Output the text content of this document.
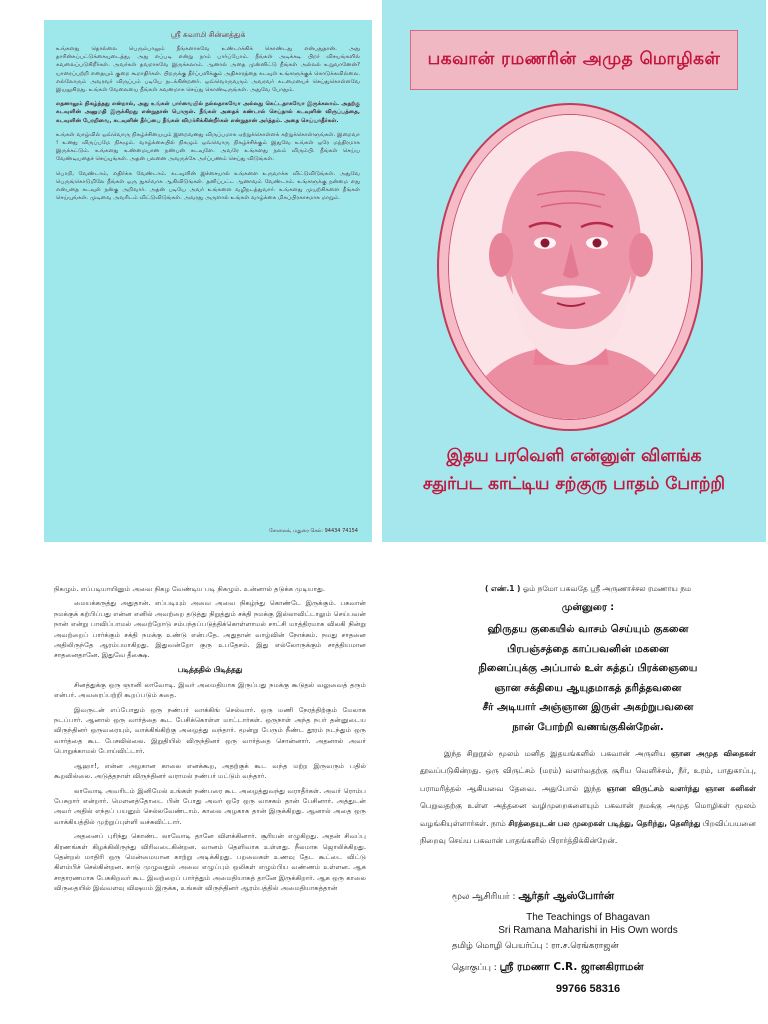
ஸ்ரீ சுவாமி சின்னத்துக்

உங்களது தொல்லை பெரும்பாலும் நீங்களாகவே உண்டாக்கிக் கொண்டது என்பதுதான். அது தாரின்கப்பட்டுக்கையுடைத்து, அது எப்படி என்று நாம் பார்ப்போம். நீங்கள் அடிக்கடி பிறர் விசயங்களில் கவலைப்படுகிறீர்கள். அவர்கள் தவறாகவே இருக்கலாம். ஆனால் அதை முன்னிட்டு நீங்கள் அல்லல் உறுவானேன்? யாரைப்பற்றி எதையும் குறை கூறாதிர்கள். பிறருக்கு தீர்ப்பளிக்கும் அதிகாரத்தை கடவுள் உங்களுக்குக் கொடுக்கவில்லை. எல்லோரும் அவரவர் விருப்பம் படியே நடக்கின்றனர். ஒவ்வொருவரும் அவரவர் கடமையைச் செய்துகொள்ளவே இயலுகிறது. உங்கள் வேலையை நீங்கள் கவனமாக செய்து கொண்டிருங்கள். அதுவே போதும்.

எதனாலும் நிகழ்ந்தது என்றால், அது உங்கள் பார்வையில் நல்லதாகவோ அல்லது கெட்டதாகவோ இருக்கலாம். அதற்கு கடவுளின் அனுமதி இருக்கிறது என்றுதான் பொருள். நீங்கள் அதைக் கண்டால் செய்தால் கடவுளின் விருப்பத்தை, கடவுளின் பேரறிவை, கடவுளின் தீர்ப்பை நீங்கள் விமர்சிக்கின்றீர்கள் என்றுதான் அர்த்தம். அதை செய்யாதீர்கள்.

உங்கள் வாழ்வில் ஒவ்வொரு நிகழ்ச்சியையும் இறைவனது விருப்பமாக ஏற்றுக்கொள்ளக் கற்றுக்கொள்ளுங்கள். இறைவா ! உனது விருப்பமே நிகழும். வாழ்க்கையில் நிகழும் ஒவ்வொரு நிகழ்ச்சிக்கும் இதுவே உங்கள் ஒரே மந்திரமாக இருக்கட்டும். உங்களது உண்மையான நண்பன் கடவுளே. அவரே உங்களது நலம் விரும்பி. நீங்கள் செய்ய வேண்டியதைச் செய்யுங்கள். அதன் பலனை அவருக்கே அர்ப்பணம் செய்து விடுங்கள்.

பொறி, வேண்டாம், எதிர்க்க வேண்டாம். கடவுளின் இச்சையால் உங்களை உருவாக்க விட்டுவிடுங்கள். அதுவே பெருங்கொடுமிலே நீங்கள் ஒரு நுகர்வாக ஆகிவிடுங்கள். தனிப்பட்ட ஆனாவம் வேண்டாம். உங்களுக்கு நன்மை எது என்பதை கடவுள் நன்கு அறிவார். அதன் படியே அவர் உங்களை வழிநடத்துவார். உங்களது முயற்சிகளை நீங்கள் செய்யுங்கள். முடிவை அவரிடம் விட்டுவிடுங்கள். அவரது அருளால் உங்கள் வாழ்க்கை மிகப்பிரகாசமாக மாறும்.

சோலைக், மதுரை செல்: 94434 74154
பகவான் ரமணரின் அமுத மொழிகள்
இதய பரவெளி என்னுள் விளங்க
சதுர்பட காட்டிய சற்குரு பாதம் போற்றி

நிகழும். எப்படியாயினும் அவை நிகழ வேண்டிய படி நிகழும். உன்னால் தடுக்க முடியாது.

மையக்கருத்து அதுதான். எப்படியும் அவை அவை நிகழ்ந்து கொண்டே இருக்கும். பகவான் நமக்குக் கற்பிப்பது என்ன எனில் அவற்றை தடுத்து நிறுத்தும் சக்தி நமக்கு இல்லாவிட்டாலும் செய்பவன் நான் என்று பாவிப்பாமல் அவற்றோடு சம்பந்தப்படுத்திக்கொள்ளாமல் சாட்சி மாத்திரமாக விலகி நின்று அவற்றைப் பார்க்கும் சக்தி நமக்கு உண்டு என்பதே. அதுதான் வாழ்வின் நோக்கம். நமது சாதனை அதிலிருந்தே ஆரம்பமாகிறது. இதுவன்றோ குரு உபதேசம். இது எல்லோருக்கும் சாத்தியமான சாதனைதானே. இதுவே தீக்ஷை.

படித்ததில் பிடித்தது

சினத்துக்கு ஒரு ஞானி லாவோடி. இவர் அமைதியாக இருப்பது நமக்கு கூடுதல் வலுவைத் தரும் என்பர். அவரைப்பற்றி கூறப்படும் கதை.

இவருடன் எப்போதும் ஒரு நண்பர் வாக்கிங் செல்வார். ஒரு மணி நேரத்திற்கும் மேலாக நடப்பார். ஆனால் ஒரு வார்த்தை கூட பேசிக்கொள்ள மாட்டார்கள். ஒருநாள் அந்த நபர் தன்னுடைய விருந்தினர் ஒருவரையும், வாக்கிங்கிற்கு அழைத்து வந்தார். மூன்று பேரும் நீண்ட தூரம் நடந்தும் ஒரு வார்த்தை கூட பேசவில்லை. இறுதியில் விருந்தினர் ஒரு வார்த்தை சொன்னார். அதனால் அவர் பொறுக்காமல் போய்விட்டார்.

ஆஹா!, என்ன அழகான காலை எனக்கூற, அதற்குக் கூட வந்த மற்ற இருவரும் பதில் கூறவில்லை. அடுத்தநாள் விருந்தினர் வராமல் நண்பர் மட்டும் வந்தார்.

லாவோடி அவரிடம் இனிமேல் உங்கள் நண்பரை கூட அழைத்துவந்து வராதீர்கள். அவர் ரொம்ப பேசுறார் என்றார். மௌனத்தோடை பின் போது அவர் ஒரே ஒரு வாசகம் தான் பேசினார். அத்துடன் அவர் அதில் எந்தப் பயனும் செல்லவேண்டாம். காலை அழகாக தான் இருக்கிறது. ஆனால் அதை ஒரு வாக்கியத்தில் முற்றுப்புள்ளி வச்சுவிட்டார்.

அதனைப் புரிந்து கொண்ட லாவோடி தானே விளக்கினார். சூரியன் எழுகிறது. அதன் சிவப்பு கிரணங்கள் கிழக்கிலிருந்து விரிவடைகின்றன. வானம் தெளிவாக உள்ளது. நீலமாக ஜொலிக்கிறது. தென்றல் மாதிரி ஒரு மென்மையான காற்று அடிக்கிறது. பறவைகள் உணவு தேட கூட்டை விட்டு கிளம்பிச் செல்கின்றன. காடு முழுவதும் அவை எழுப்பும் ஒலிகள் எழும்பிய வண்ணம் உள்ளன. ஆக சாதாரணமாக பேசுகிறவர் கூட இவற்றைப் பார்த்தும் அமைதியாகத் தானே இருக்கிறார். ஆக ஒரு காலை விருதையில் இவ்வளவு விஷயம் இருக்க, உங்கள் விருந்தினர் ஆரம்பத்தில் அமைதியாகத்தான்

( எண்.1 ) ஓம் நமோ பகவதே ஸ்ரீ அருணாச்சல ரமணாய நம

முன்னுரை :

ஹிருதய குகையில் வாசம் செய்யும் குகனை

பிரபஞ்சத்தை காப்பவனின் மகனை

நினைப்புக்கு அப்பால் உள் சுத்தப் பிரக்ஞையை

ஞான சக்தியை ஆயுதமாகத் தரித்தவனை

சீர் அடியார் அஞ்ஞான இருள் அகற்றுபவனை

நான் போற்றி வணங்குகின்றேன்.

இந்த சிறுநூல் மூலம் மனித இதயங்களில் பகவான் அருளிய ஞான அமுத விதைகள் தூவப்படுகின்றது. ஒரு விருட்சம் (மரம்) வளர்வதற்கு சூரிய வெளிச்சம், நீர், உரம், பாதுகாப்பு, பராமரித்தல் ஆகியவை தேவை. அதுபோல் இந்த ஞான விருட்சம் வளர்ந்து ஞான கனிகள் பெறுவதற்கு உள்ள அத்தனை வழிமுறைகளையும் பகவான் நமக்கு அமுத மொழிகள் மூலம் வழங்கியுள்ளார்கள். நாம் சிரத்தையுடன் பல முறைகள் படித்து, தெரிந்து, தெளிந்து பிறவிப்பயனை நிறைவு செய்ய பகவான் பாதங்களில் பிரார்த்திக்கின்றேன்.

மூல ஆசிரியர் : ஆர்தர் ஆஸ்போர்ன்
The Teachings of Bhagavan
Sri Ramana Maharishi in His Own words
தமிழ் மொழி பெயர்ப்பு : ரா.ச.ரெங்கராஜன்
தொகுப்பு : ஸ்ரீ ரமணா C.R. ஜானகிராமன்
99766 58316
